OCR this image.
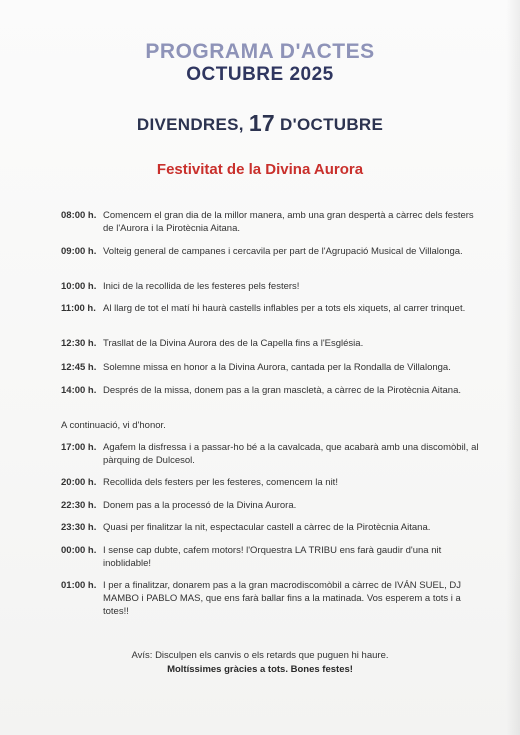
PROGRAMA D'ACTES
OCTUBRE 2025
DIVENDRES, 17 D'OCTUBRE
Festivitat de la Divina Aurora
08:00 h. Comencem el gran dia de la millor manera, amb una gran despertà a càrrec dels festers de l'Aurora i la Pirotècnia Aitana.
09:00 h. Volteig general de campanes i cercavila per part de l'Agrupació Musical de Villalonga.
10:00 h. Inici de la recollida de les festeres pels festers!
11:00 h. Al llarg de tot el matí hi haurà castells inflables per a tots els xiquets, al carrer trinquet.
12:30 h. Trasllat de la Divina Aurora des de la Capella fins a l'Església.
12:45 h. Solemne missa en honor a la Divina Aurora, cantada per la Rondalla de Villalonga.
14:00 h. Després de la missa, donem pas a la gran mascletà, a càrrec de la Pirotècnia Aitana.
A continuació, vi d'honor.
17:00 h. Agafem la disfressa i a passar-ho bé a la cavalcada, que acabarà amb una discomòbil, al pàrquing de Dulcesol.
20:00 h. Recollida dels festers per les festeres, comencem la nit!
22:30 h. Donem pas a la processó de la Divina Aurora.
23:30 h. Quasi per finalitzar la nit, espectacular castell a càrrec de la Pirotècnia Aitana.
00:00 h. I sense cap dubte, cafem motors! l'Orquestra LA TRIBU ens farà gaudir d'una nit inoblidable!
01:00 h. I per a finalitzar, donarem pas a la gran macrodiscomòbil a càrrec de IVÁN SUEL, DJ MAMBO i PABLO MAS, que ens farà ballar fins a la matinada. Vos esperem a tots i a totes!!
Avís: Disculpen els canvis o els retards que puguen hi haure.
Moltíssimes gràcies a tots. Bones festes!
